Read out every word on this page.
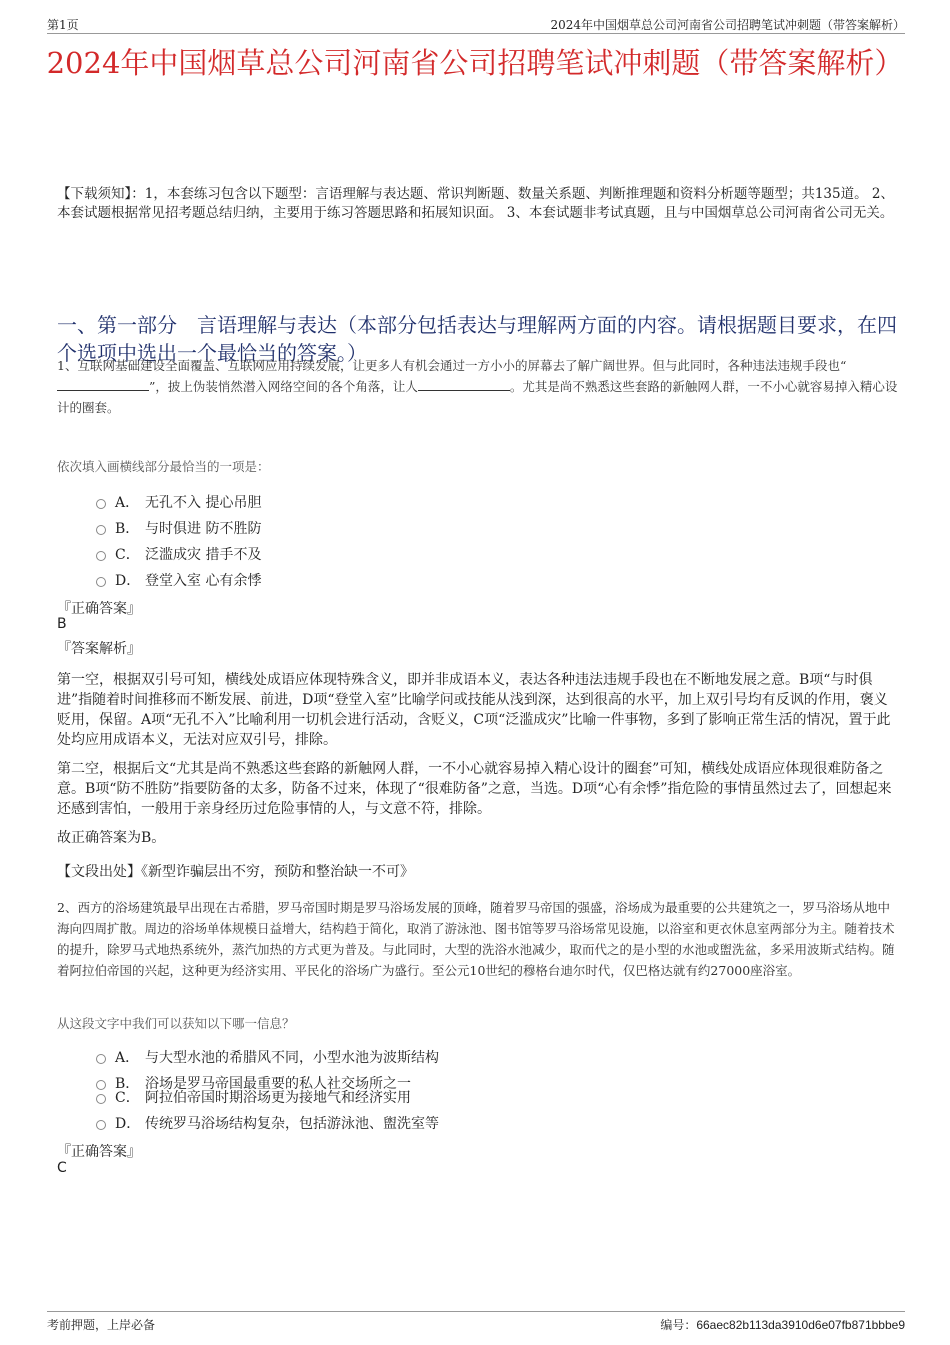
第1页	2024年中国烟草总公司河南省公司招聘笔试冲刺题（带答案解析）
2024年中国烟草总公司河南省公司招聘笔试冲刺题（带答案解析）
【下载须知】：1，本套练习包含以下题型：言语理解与表达题、常识判断题、数量关系题、判断推理题和资料分析题等题型；共135道。 2、本套试题根据常见招考题总结归纳，主要用于练习答题思路和拓展知识面。 3、本套试题非考试真题，且与中国烟草总公司河南省公司无关。
一、第一部分　言语理解与表达（本部分包括表达与理解两方面的内容。请根据题目要求，在四个选项中选出一个最恰当的答案。）
1、互联网基础建设全面覆盖、互联网应用持续发展，让更多人有机会通过一方小小的屏幕去了解广阔世界。但与此同时，各种违法违规手段也“”，披上伪装悄然潜入网络空间的各个角落，让人	。尤其是尚不熟悉这些套路的新触网人群，一不小心就容易掉入精心设计的圈套。
依次填入画横线部分最恰当的一项是：
A． 无孔不入 提心吊胆
B． 与时俱进 防不胜防
C． 泛滥成灾 措手不及
D． 登堂入室 心有余悸
『正确答案』
B
『答案解析』
第一空，根据双引号可知，横线处成语应体现特殊含义，即并非成语本义，表达各种违法违规手段也在不断地发展之意。B项“与时俱进”指随着时间推移而不断发展、前进，D项“登堂入室”比喻学问或技能从浅到深，达到很高的水平，加上双引号均有反讽的作用，褒义贬用，保留。A项“无孔不入”比喻利用一切机会进行活动，含贬义，C项“泛滥成灾”比喻一件事物，多到了影响正常生活的情况，置于此处均应用成语本义，无法对应双引号，排除。
第二空，根据后文“尤其是尚不熟悉这些套路的新触网人群，一不小心就容易掉入精心设计的圈套”可知，横线处成语应体现很难防备之意。B项“防不胜防”指要防备的太多，防备不过来，体现了“很难防备”之意，当选。D项“心有余悸”指危险的事情虽然过去了，回想起来还感到害怕，一般用于亲身经历过危险事情的人，与文意不符，排除。
故正确答案为B。
【文段出处】《新型诈骗层出不穷，预防和整治缺一不可》
2、西方的浴场建筑最早出现在古希腊，罗马帝国时期是罗马浴场发展的顶峰，随着罗马帝国的强盛，浴场成为最重要的公共建筑之一，罗马浴场从地中海向四周扩散。周边的浴场单体规模日益增大，结构趋于简化，取消了游泳池、图书馆等罗马浴场常见设施，以浴室和更衣休息室两部分为主。随着技术的提升，除罗马式地热系统外，蒸汽加热的方式更为普及。与此同时，大型的洗浴水池减少，取而代之的是小型的水池或盥洗盆，多采用波斯式结构。随着阿拉伯帝国的兴起，这种更为经济实用、平民化的浴场广为盛行。至公元10世纪的穆格台迪尔时代，仅巴格达就有约27000座浴室。
从这段文字中我们可以获知以下哪一信息？
A． 与大型水池的希腊风不同，小型水池为波斯结构
B． 浴场是罗马帝国最重要的私人社交场所之一
C． 阿拉伯帝国时期浴场更为接地气和经济实用
D． 传统罗马浴场结构复杂，包括游泳池、盥洗室等
『正确答案』
C
考前押题，上岸必备	编号：66aec82b113da3910d6e07fb871bbbe9
